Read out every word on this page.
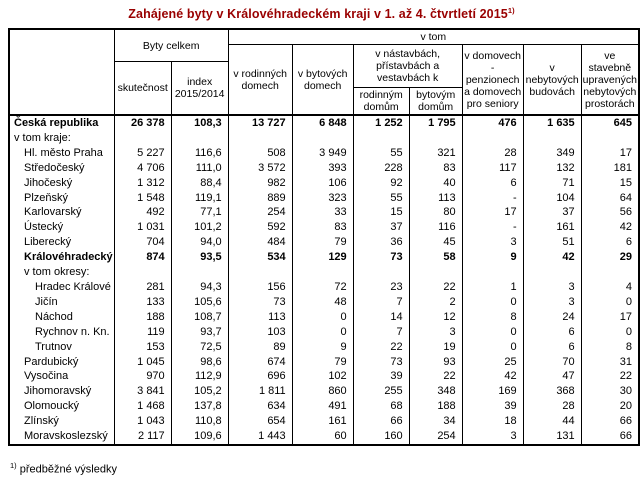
Zahájené byty v Královéhradeckém kraji v 1. až 4. čtvrtletí 2015$^{1)}$
	Byty celkem		v tom						
			v rodinných domech	v bytových domech	v nástavbách, přístavbách a vestavbách k		v domovech - penzionech a domovech pro seniory	v nebytových budovách	ve stavebně upravených nebytových prostorách
	skutečnost	index 2015/2014							
					rodinným domům	bytovým domům			
Česká republika	26 378	108,3	13 727	6 848	1 252	1 795	476	1 635	645
v tom kraje:									
Hl. město Praha	5 227	116,6	508	3 949	55	321	28	349	17
Středočeský	4 706	111,0	3 572	393	228	83	117	132	181
Jihočeský	1 312	88,4	982	106	92	40	6	71	15
Plzeňský	1 548	119,1	889	323	55	113	-	104	64
Karlovarský	492	77,1	254	33	15	80	17	37	56
Ústecký	1 031	101,2	592	83	37	116	-	161	42
Liberecký	704	94,0	484	79	36	45	3	51	6
Královéhradecký	874	93,5	534	129	73	58	9	42	29
v tom okresy:									
Hradec Králové	281	94,3	156	72	23	22	1	3	4
Jičín	133	105,6	73	48	7	2	0	3	0
Náchod	188	108,7	113	0	14	12	8	24	17
Rychnov n. Kn.	119	93,7	103	0	7	3	0	6	0
Trutnov	153	72,5	89	9	22	19	0	6	8
Pardubický	1 045	98,6	674	79	73	93	25	70	31
Vysočina	970	112,9	696	102	39	22	42	47	22
Jihomoravský	3 841	105,2	1 811	860	255	348	169	368	30
Olomoucký	1 468	137,8	634	491	68	188	39	28	20
Zlínský	1 043	110,8	654	161	66	34	18	44	66
Moravskoslezský	2 117	109,6	1 443	60	160	254	3	131	66
$^{1)}$ předběžné výsledky
